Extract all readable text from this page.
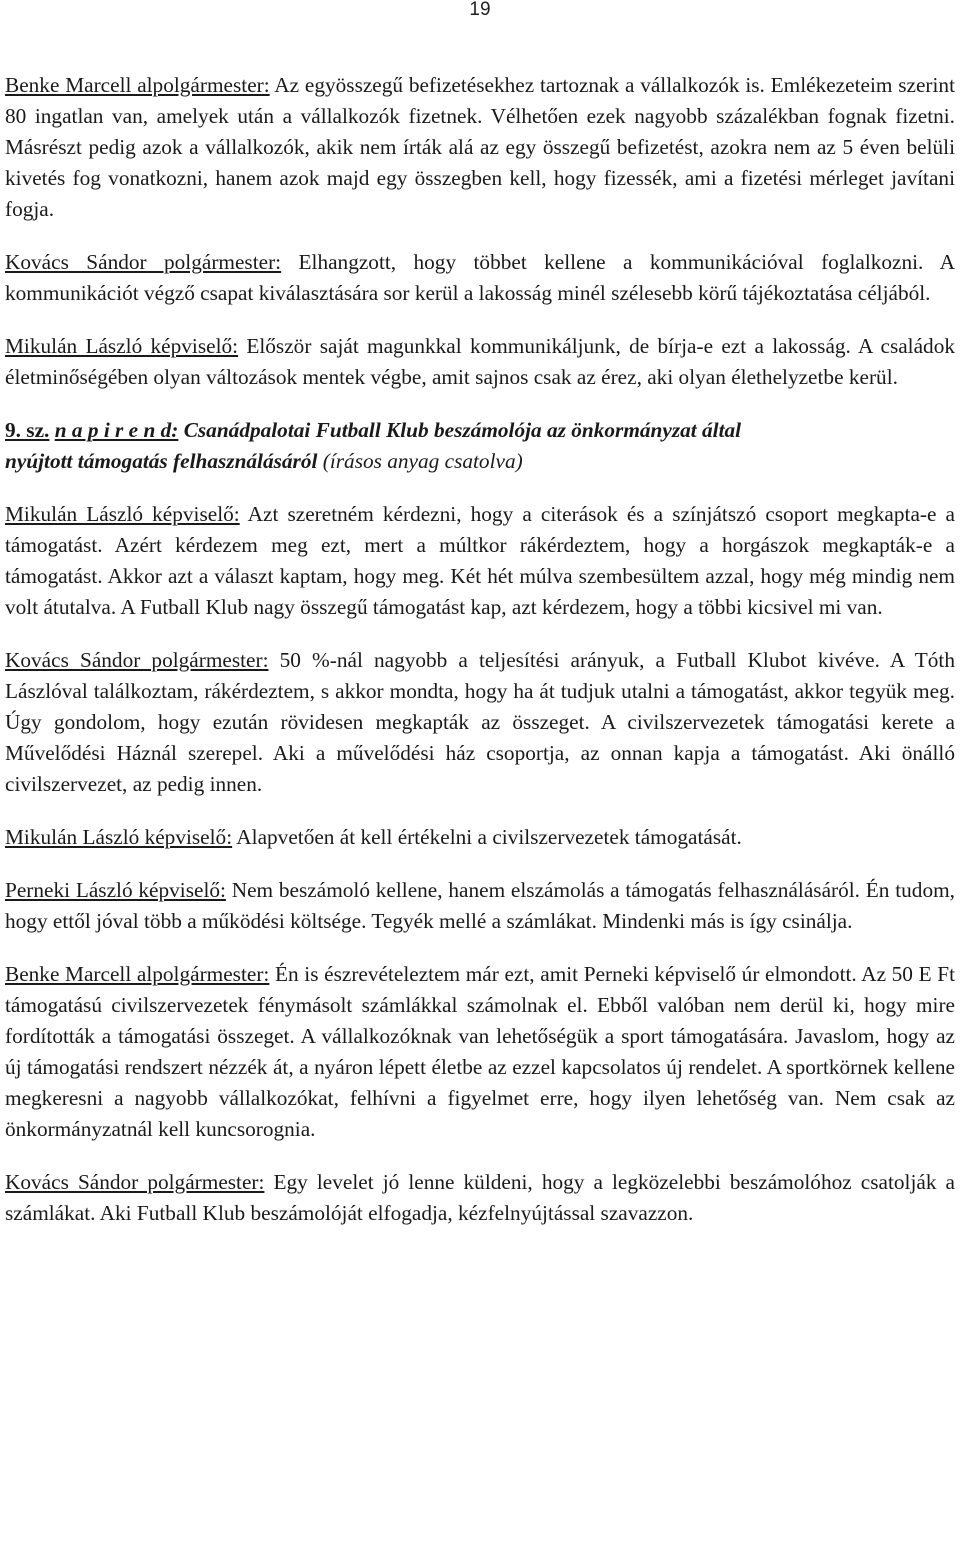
19

Benke Marcell alpolgármester: Az egyösszegű befizetésekhez tartoznak a vállalkozók is. Emlékezeteim szerint 80 ingatlan van, amelyek után a vállalkozók fizetnek. Vélhetően ezek nagyobb százalékban fognak fizetni. Másrészt pedig azok a vállalkozók, akik nem írták alá az egy összegű befizetést, azokra nem az 5 éven belüli kivetés fog vonatkozni, hanem azok majd egy összegben kell, hogy fizessék, ami a fizetési mérleget javítani fogja.

Kovács Sándor polgármester: Elhangzott, hogy többet kellene a kommunikációval foglalkozni. A kommunikációt végző csapat kiválasztására sor kerül a lakosság minél szélesebb körű tájékoztatása céljából.

Mikulán László képviselő: Először saját magunkkal kommunikáljunk, de bírja-e ezt a lakosság. A családok életminőségében olyan változások mentek végbe, amit sajnos csak az érez, aki olyan élethelyzetbe kerül.

9. sz. n a p i r e n d: Csanádpalotai Futball Klub beszámolója az önkormányzat által
nyújtott támogatás felhasználásáról (írásos anyag csatolva)

Mikulán László képviselő: Azt szeretném kérdezni, hogy a citerások és a színjátszó csoport megkapta-e a támogatást. Azért kérdezem meg ezt, mert a múltkor rákérdeztem, hogy a horgászok megkapták-e a támogatást. Akkor azt a választ kaptam, hogy meg. Két hét múlva szembesültem azzal, hogy még mindig nem volt átutalva. A Futball Klub nagy összegű támogatást kap, azt kérdezem, hogy a többi kicsivel mi van.

Kovács Sándor polgármester: 50 %-nál nagyobb a teljesítési arányuk, a Futball Klubot kivéve. A Tóth Lászlóval találkoztam, rákérdeztem, s akkor mondta, hogy ha át tudjuk utalni a támogatást, akkor tegyük meg. Úgy gondolom, hogy ezután rövidesen megkapták az összeget. A civilszervezetek támogatási kerete a Művelődési Háznál szerepel. Aki a művelődési ház csoportja, az onnan kapja a támogatást. Aki önálló civilszervezet, az pedig innen.

Mikulán László képviselő: Alapvetően át kell értékelni a civilszervezetek támogatását.

Perneki László képviselő: Nem beszámoló kellene, hanem elszámolás a támogatás felhasználásáról. Én tudom, hogy ettől jóval több a működési költsége. Tegyék mellé a számlákat. Mindenki más is így csinálja.

Benke Marcell alpolgármester: Én is észrevételeztem már ezt, amit Perneki képviselő úr elmondott. Az 50 E Ft támogatású civilszervezetek fénymásolt számlákkal számolnak el. Ebből valóban nem derül ki, hogy mire fordították a támogatási összeget. A vállalkozóknak van lehetőségük a sport támogatására. Javaslom, hogy az új támogatási rendszert nézzék át, a nyáron lépett életbe az ezzel kapcsolatos új rendelet. A sportkörnek kellene megkeresni a nagyobb vállalkozókat, felhívni a figyelmet erre, hogy ilyen lehetőség van. Nem csak az önkormányzatnál kell kuncsorognia.

Kovács Sándor polgármester: Egy levelet jó lenne küldeni, hogy a legközelebbi beszámolóhoz csatolják a számlákat. Aki Futball Klub beszámolóját elfogadja, kézfelnyújtással szavazzon.
